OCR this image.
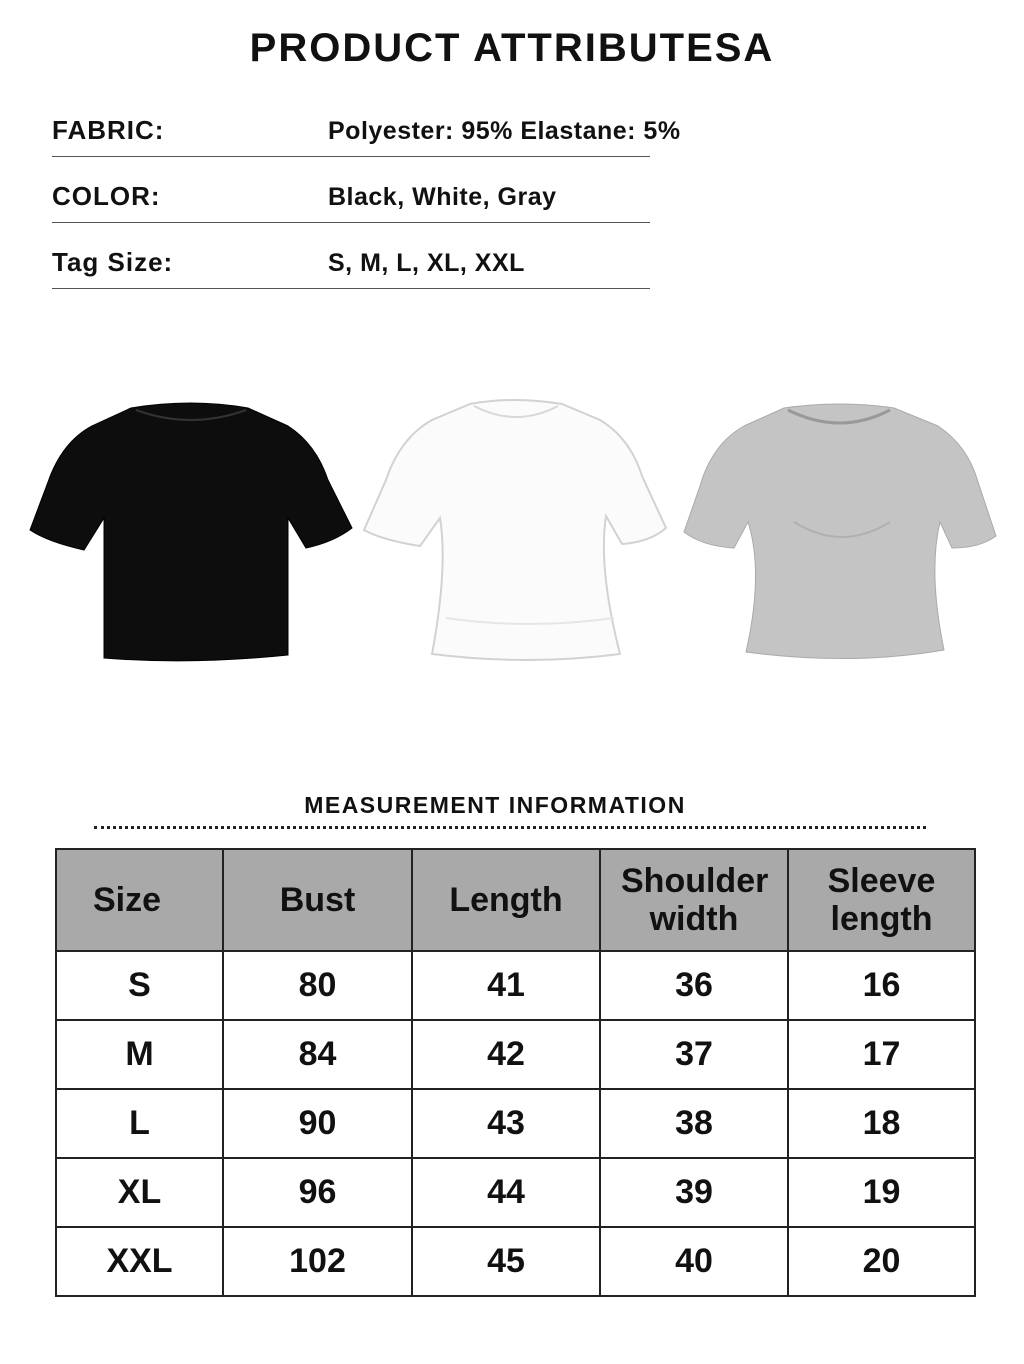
PRODUCT ATTRIBUTESA
FABRIC:	Polyester: 95% Elastane: 5%
COLOR:	Black, White, Gray
Tag Size:	S, M, L, XL, XXL
MEASUREMENT INFORMATION
Size	Bust	Length	Shoulder width	Sleeve length
S	80	41	36	16
M	84	42	37	17
L	90	43	38	18
XL	96	44	39	19
XXL	102	45	40	20
